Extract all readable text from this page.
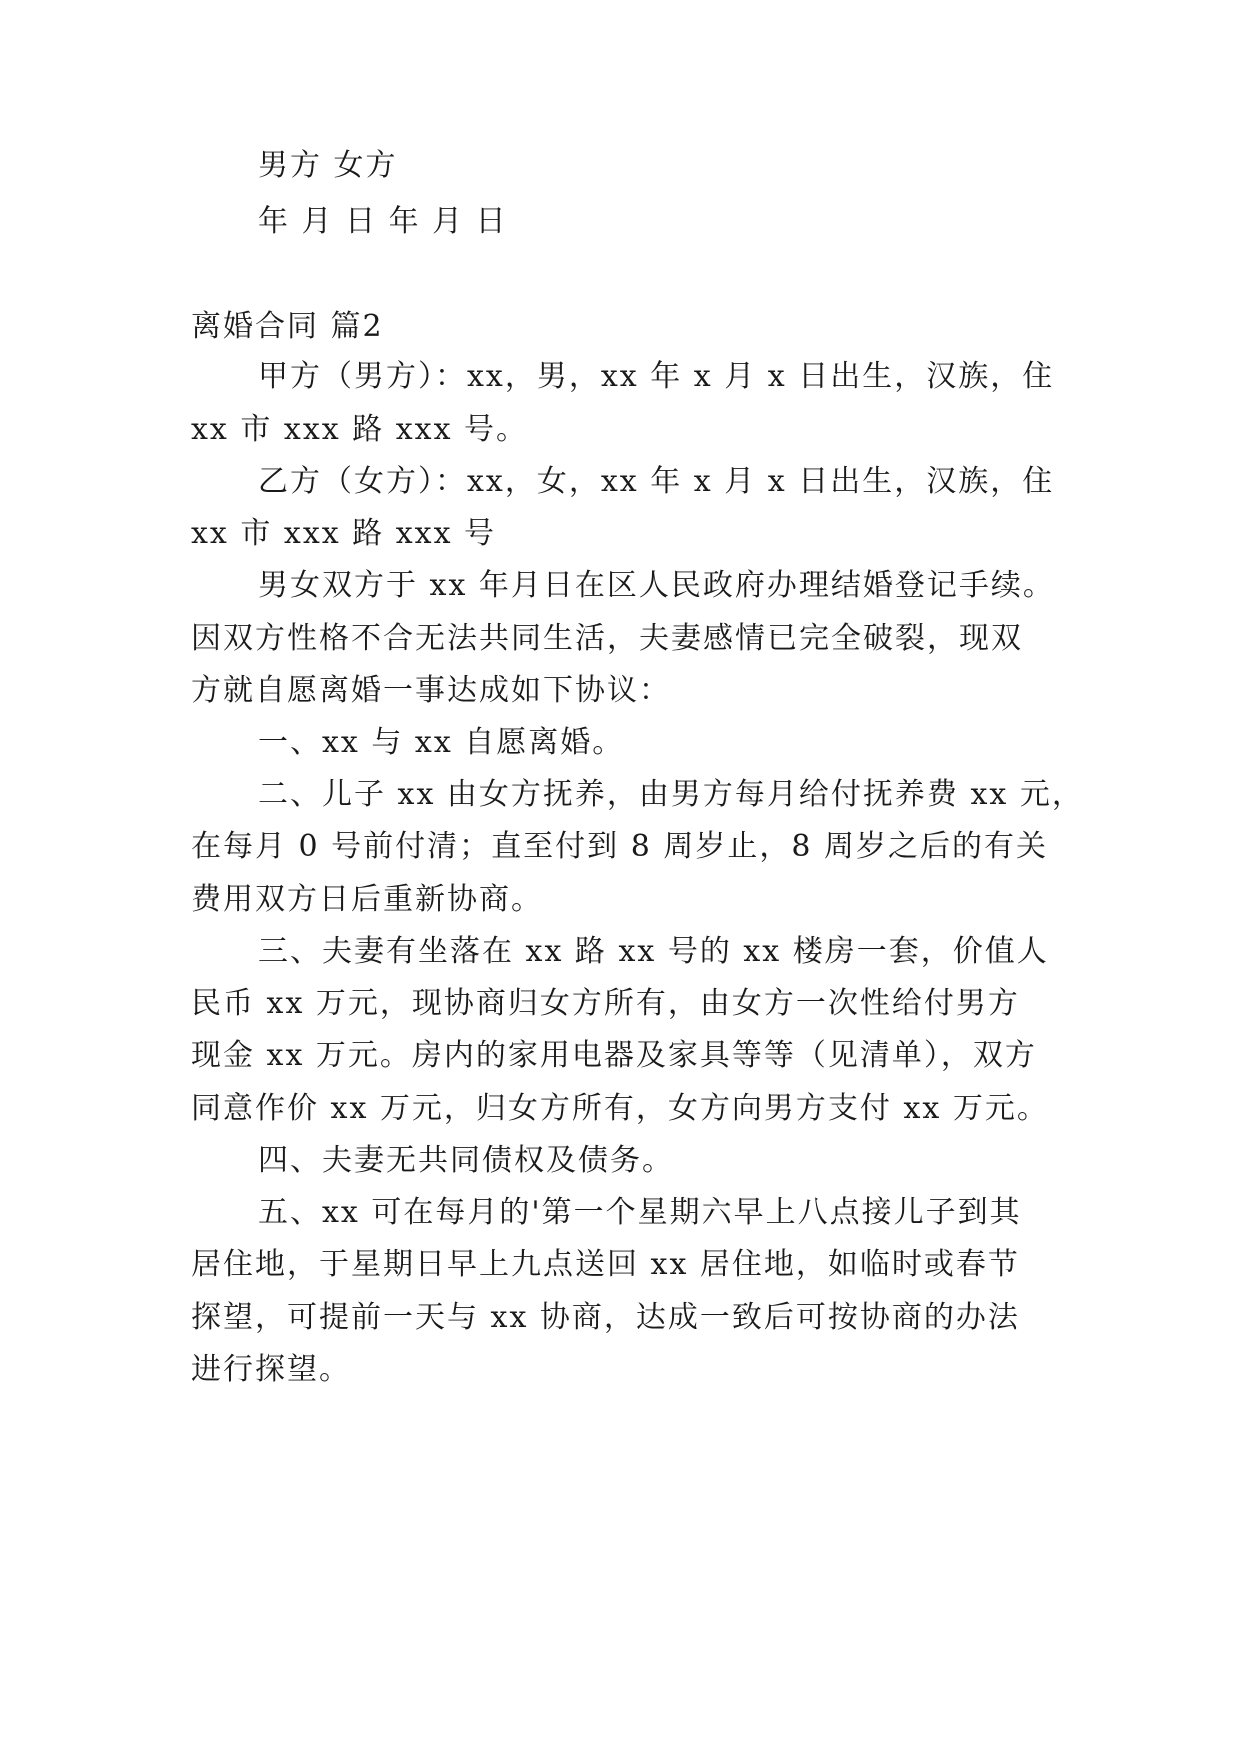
男方 女方
年 月 日 年 月 日
离婚合同 篇2
甲方（男方）：xx，男，xx 年 x 月 x 日出生，汉族，住
xx 市 xxx 路 xxx 号。
乙方（女方）：xx，女，xx 年 x 月 x 日出生，汉族，住
xx 市 xxx 路 xxx 号
男女双方于 xx 年月日在区人民政府办理结婚登记手续。
因双方性格不合无法共同生活，夫妻感情已完全破裂，现双
方就自愿离婚一事达成如下协议：
一、xx 与 xx 自愿离婚。
二、儿子 xx 由女方抚养，由男方每月给付抚养费 xx 元，
在每月 0 号前付清；直至付到 8 周岁止，8 周岁之后的有关
费用双方日后重新协商。
三、夫妻有坐落在 xx 路 xx 号的 xx 楼房一套，价值人
民币 xx 万元，现协商归女方所有，由女方一次性给付男方
现金 xx 万元。房内的家用电器及家具等等（见清单），双方
同意作价 xx 万元，归女方所有，女方向男方支付 xx 万元。
四、夫妻无共同债权及债务。
五、xx 可在每月的'第一个星期六早上八点接儿子到其
居住地，于星期日早上九点送回 xx 居住地，如临时或春节
探望，可提前一天与 xx 协商，达成一致后可按协商的办法
进行探望。
